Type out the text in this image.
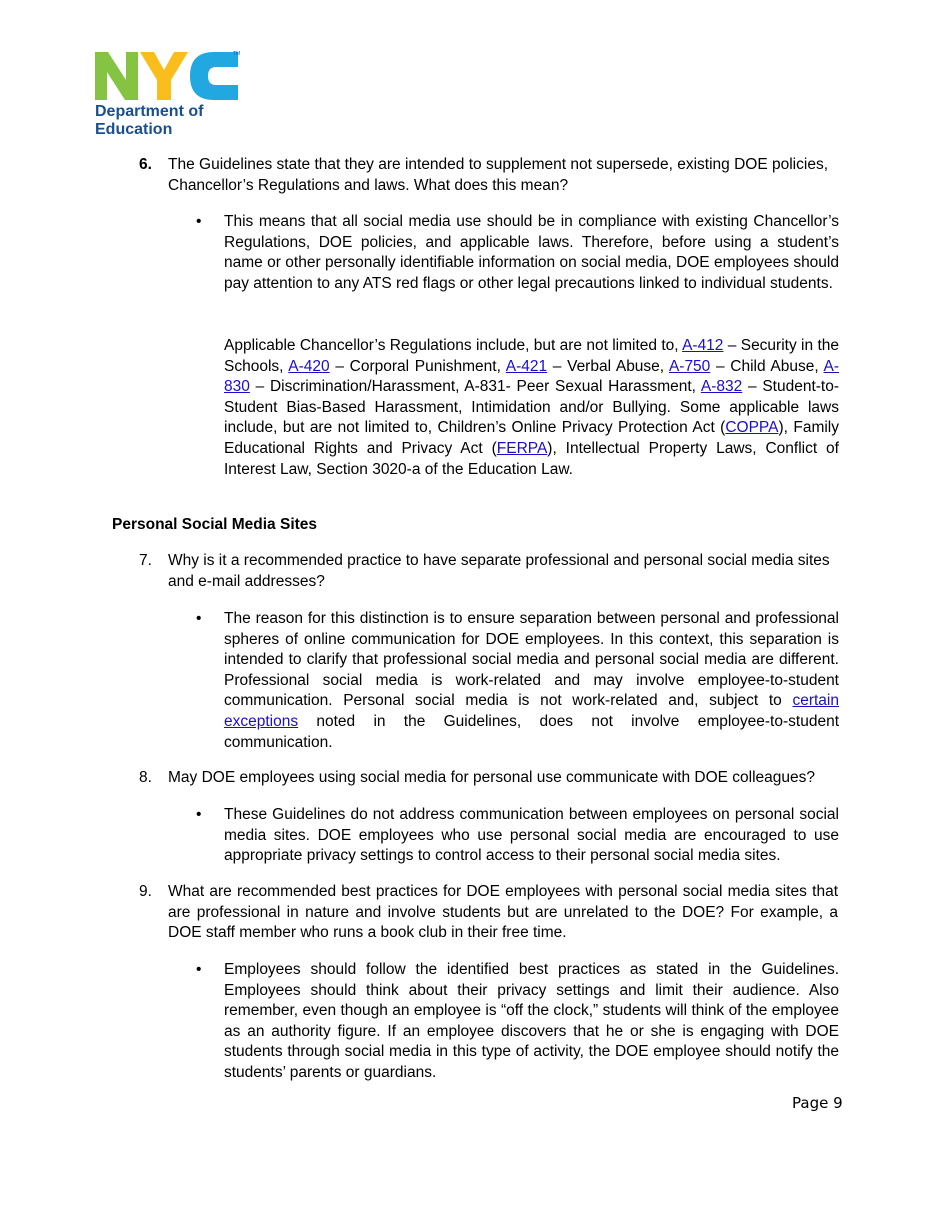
TM
Department of
Education
6. The Guidelines state that they are intended to supplement not supersede, existing DOE policies, Chancellor’s Regulations and laws. What does this mean?
• This means that all social media use should be in compliance with existing Chancellor’s Regulations, DOE policies, and applicable laws. Therefore, before using a student’s name or other personally identifiable information on social media, DOE employees should pay attention to any ATS red flags or other legal precautions linked to individual students.
Applicable Chancellor’s Regulations include, but are not limited to, A-412 – Security in the Schools, A-420 – Corporal Punishment, A-421 – Verbal Abuse, A-750 – Child Abuse, A-830 – Discrimination/Harassment, A-831- Peer Sexual Harassment, A-832 – Student-to-Student Bias-Based Harassment, Intimidation and/or Bullying. Some applicable laws include, but are not limited to, Children’s Online Privacy Protection Act (COPPA), Family Educational Rights and Privacy Act (FERPA), Intellectual Property Laws, Conflict of Interest Law, Section 3020-a of the Education Law.
Personal Social Media Sites
7. Why is it a recommended practice to have separate professional and personal social media sites and e-mail addresses?
• The reason for this distinction is to ensure separation between personal and professional spheres of online communication for DOE employees. In this context, this separation is intended to clarify that professional social media and personal social media are different. Professional social media is work-related and may involve employee-to-student communication. Personal social media is not work-related and, subject to certain exceptions noted in the Guidelines, does not involve employee-to-student communication.
8. May DOE employees using social media for personal use communicate with DOE colleagues?
• These Guidelines do not address communication between employees on personal social media sites. DOE employees who use personal social media are encouraged to use appropriate privacy settings to control access to their personal social media sites.
9. What are recommended best practices for DOE employees with personal social media sites that are professional in nature and involve students but are unrelated to the DOE? For example, a DOE staff member who runs a book club in their free time.
• Employees should follow the identified best practices as stated in the Guidelines. Employees should think about their privacy settings and limit their audience. Also remember, even though an employee is “off the clock,” students will think of the employee as an authority figure. If an employee discovers that he or she is engaging with DOE students through social media in this type of activity, the DOE employee should notify the students’ parents or guardians.
Page 9
